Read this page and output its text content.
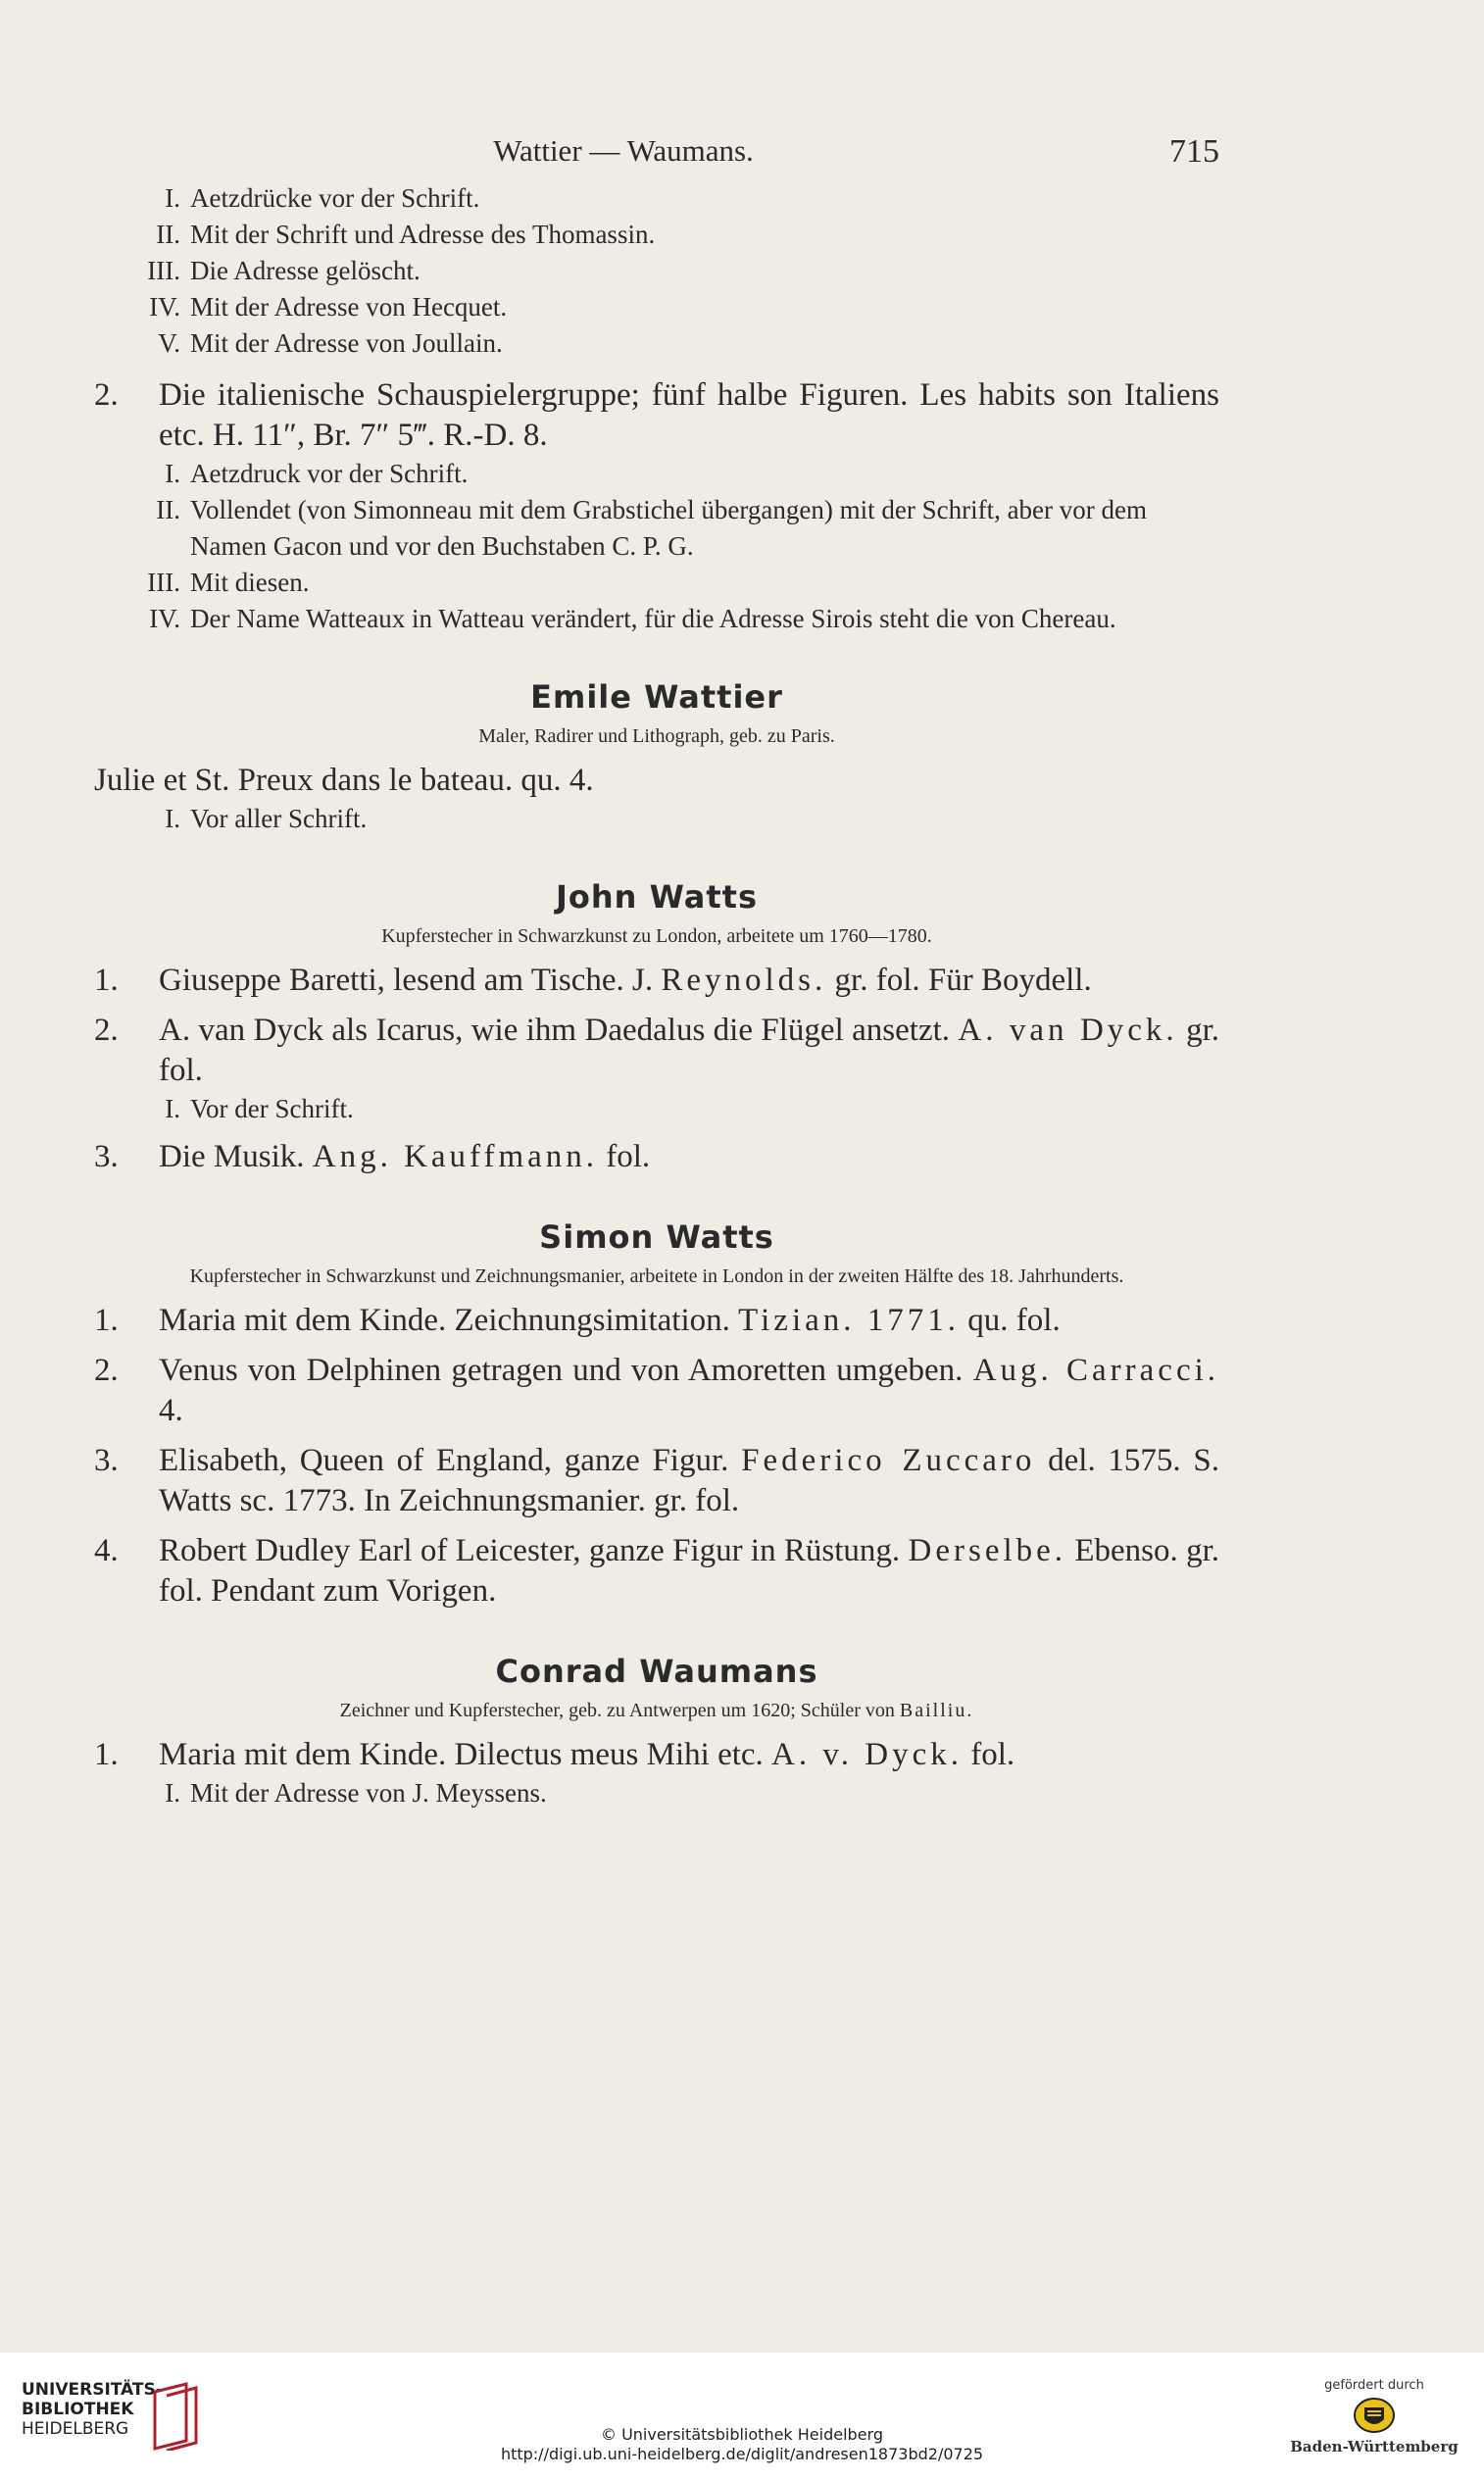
Wattier — Waumans.	715
I. Aetzdrücke vor der Schrift.
II. Mit der Schrift und Adresse des Thomassin.
III. Die Adresse gelöscht.
IV. Mit der Adresse von Hecquet.
V. Mit der Adresse von Joullain.
2. Die italienische Schauspielergruppe; fünf halbe Figuren. Les habits son Italiens etc. H. 11″, Br. 7″ 5‴. R.-D. 8.
I. Aetzdruck vor der Schrift.
II. Vollendet (von Simonneau mit dem Grabstichel übergangen) mit der Schrift, aber vor dem Namen Gacon und vor den Buchstaben C. P. G.
III. Mit diesen.
IV. Der Name Watteaux in Watteau verändert, für die Adresse Sirois steht die von Chereau.
Emile Wattier
Maler, Radirer und Lithograph, geb. zu Paris.
Julie et St. Preux dans le bateau. qu. 4.
I. Vor aller Schrift.
John Watts
Kupferstecher in Schwarzkunst zu London, arbeitete um 1760—1780.
1. Giuseppe Baretti, lesend am Tische. J. Reynolds. gr. fol. Für Boydell.
2. A. van Dyck als Icarus, wie ihm Daedalus die Flügel ansetzt. A. van Dyck. gr. fol.
I. Vor der Schrift.
3. Die Musik. Ang. Kauffmann. fol.
Simon Watts
Kupferstecher in Schwarzkunst und Zeichnungsmanier, arbeitete in London in der zweiten Hälfte des 18. Jahrhunderts.
1. Maria mit dem Kinde. Zeichnungsimitation. Tizian. 1771. qu. fol.
2. Venus von Delphinen getragen und von Amoretten umgeben. Aug. Carracci. 4.
3. Elisabeth, Queen of England, ganze Figur. Federico Zuccaro del. 1575. S. Watts sc. 1773. In Zeichnungsmanier. gr. fol.
4. Robert Dudley Earl of Leicester, ganze Figur in Rüstung. Derselbe. Ebenso. gr. fol. Pendant zum Vorigen.
Conrad Waumans
Zeichner und Kupferstecher, geb. zu Antwerpen um 1620; Schüler von Bailliu.
1. Maria mit dem Kinde. Dilectus meus Mihi etc. A. v. Dyck. fol.
I. Mit der Adresse von J. Meyssens.
UNIVERSITÄTS-
BIBLIOTHEK
HEIDELBERG	© Universitätsbibliothek Heidelberg
http://digi.ub.uni-heidelberg.de/diglit/andresen1873bd2/0725
gefördert durch
Baden-Württemberg
